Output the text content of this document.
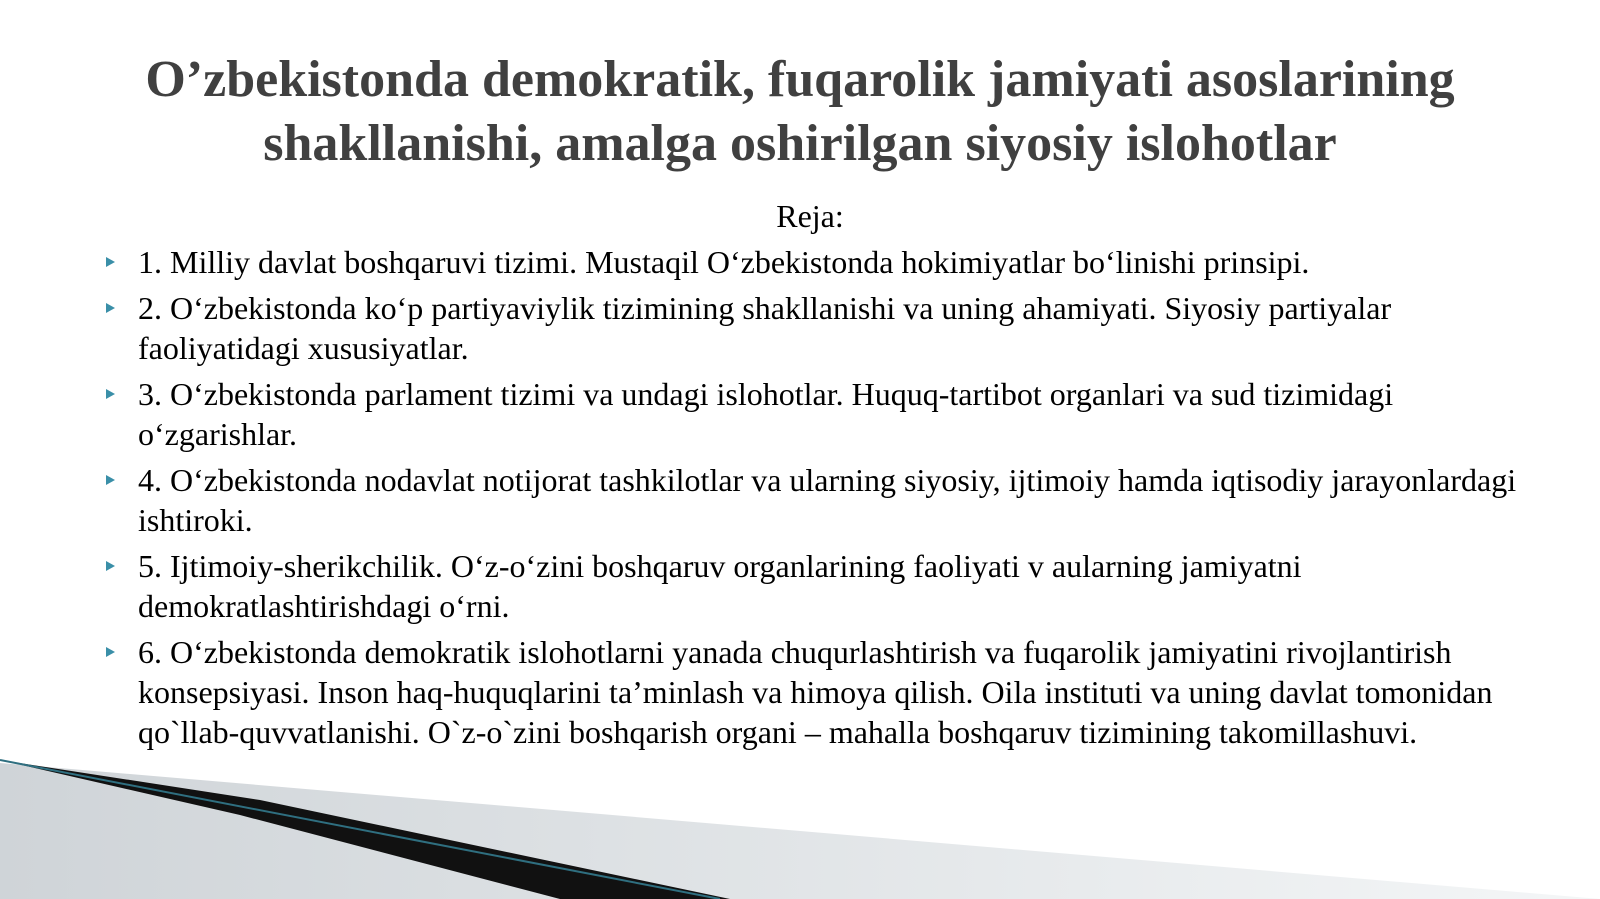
O’zbekistonda demokratik, fuqarolik jamiyati asoslarining shakllanishi, amalga oshirilgan siyosiy islohotlar
Reja:
1. Milliy davlat boshqaruvi tizimi. Mustaqil O‘zbekistonda hokimiyatlar bo‘linishi prinsipi.
2. O‘zbekistonda ko‘p partiyaviylik tizimining shakllanishi va uning ahamiyati. Siyosiy partiyalar faoliyatidagi xususiyatlar.
3. O‘zbekistonda parlament tizimi va undagi islohotlar. Huquq-tartibot organlari va sud tizimidagi o‘zgarishlar.
4. O‘zbekistonda nodavlat notijorat tashkilotlar va ularning siyosiy, ijtimoiy hamda iqtisodiy jarayonlardagi ishtiroki.
5. Ijtimoiy-sherikchilik. O‘z-o‘zini boshqaruv organlarining faoliyati v aularning jamiyatni demokratlashtirishdagi o‘rni.
6. O‘zbekistonda demokratik islohotlarni yanada chuqurlashtirish va fuqarolik jamiyatini rivojlantirish konsepsiyasi. Inson haq-huquqlarini ta’minlash va himoya qilish. Oila instituti va uning davlat tomonidan qo`llab-quvvatlanishi. O`z-o`zini boshqarish organi – mahalla boshqaruv tizimining takomillashuvi.
